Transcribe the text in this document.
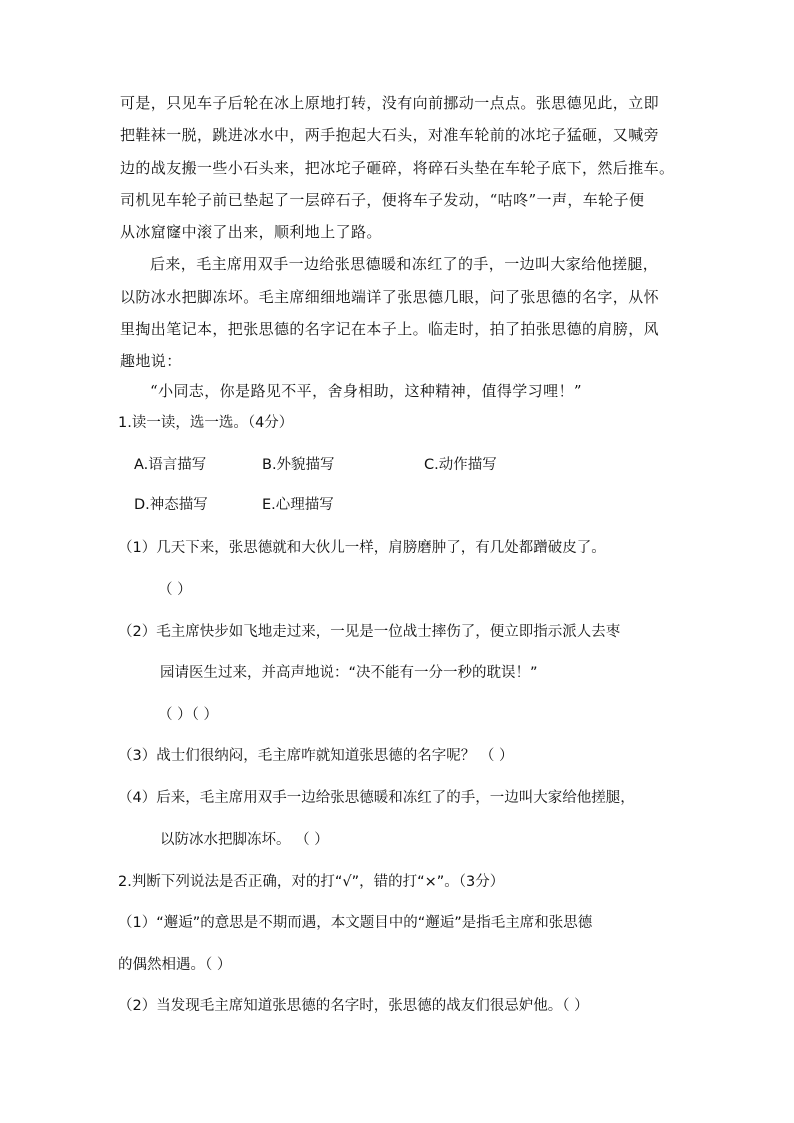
可是，只见车子后轮在冰上原地打转，没有向前挪动一点点。张思德见此，立即
把鞋袜一脱，跳进冰水中，两手抱起大石头，对准车轮前的冰坨子猛砸，又喊旁
边的战友搬一些小石头来，把冰坨子砸碎，将碎石头垫在车轮子底下，然后推车。
司机见车轮子前已垫起了一层碎石子，便将车子发动，“咕咚”一声，车轮子便
从冰窟窿中滚了出来，顺利地上了路。
后来，毛主席用双手一边给张思德暖和冻红了的手，一边叫大家给他搓腿，
以防冰水把脚冻坏。毛主席细细地端详了张思德几眼，问了张思德的名字，从怀
里掏出笔记本，把张思德的名字记在本子上。临走时，拍了拍张思德的肩膀，风
趣地说：
“小同志，你是路见不平，舍身相助，这种精神，值得学习哩！”
1.读一读，选一选。（4分）
A.语言描写	B.外貌描写	C.动作描写
D.神态描写	E.心理描写
（1）几天下来，张思德就和大伙儿一样，肩膀磨肿了，有几处都蹭破皮了。
（ ）
（2）毛主席快步如飞地走过来，一见是一位战士摔伤了，便立即指示派人去枣
园请医生过来，并高声地说：“决不能有一分一秒的耽误！”
（ ）（ ）
（3）战士们很纳闷，毛主席咋就知道张思德的名字呢？ （ ）
（4）后来，毛主席用双手一边给张思德暖和冻红了的手，一边叫大家给他搓腿，
以防冰水把脚冻坏。 （ ）
2.判断下列说法是否正确，对的打“√”，错的打“×”。（3分）
（1）“邂逅”的意思是不期而遇，本文题目中的“邂逅”是指毛主席和张思德
的偶然相遇。（ ）
（2）当发现毛主席知道张思德的名字时，张思德的战友们很忌妒他。（ ）
